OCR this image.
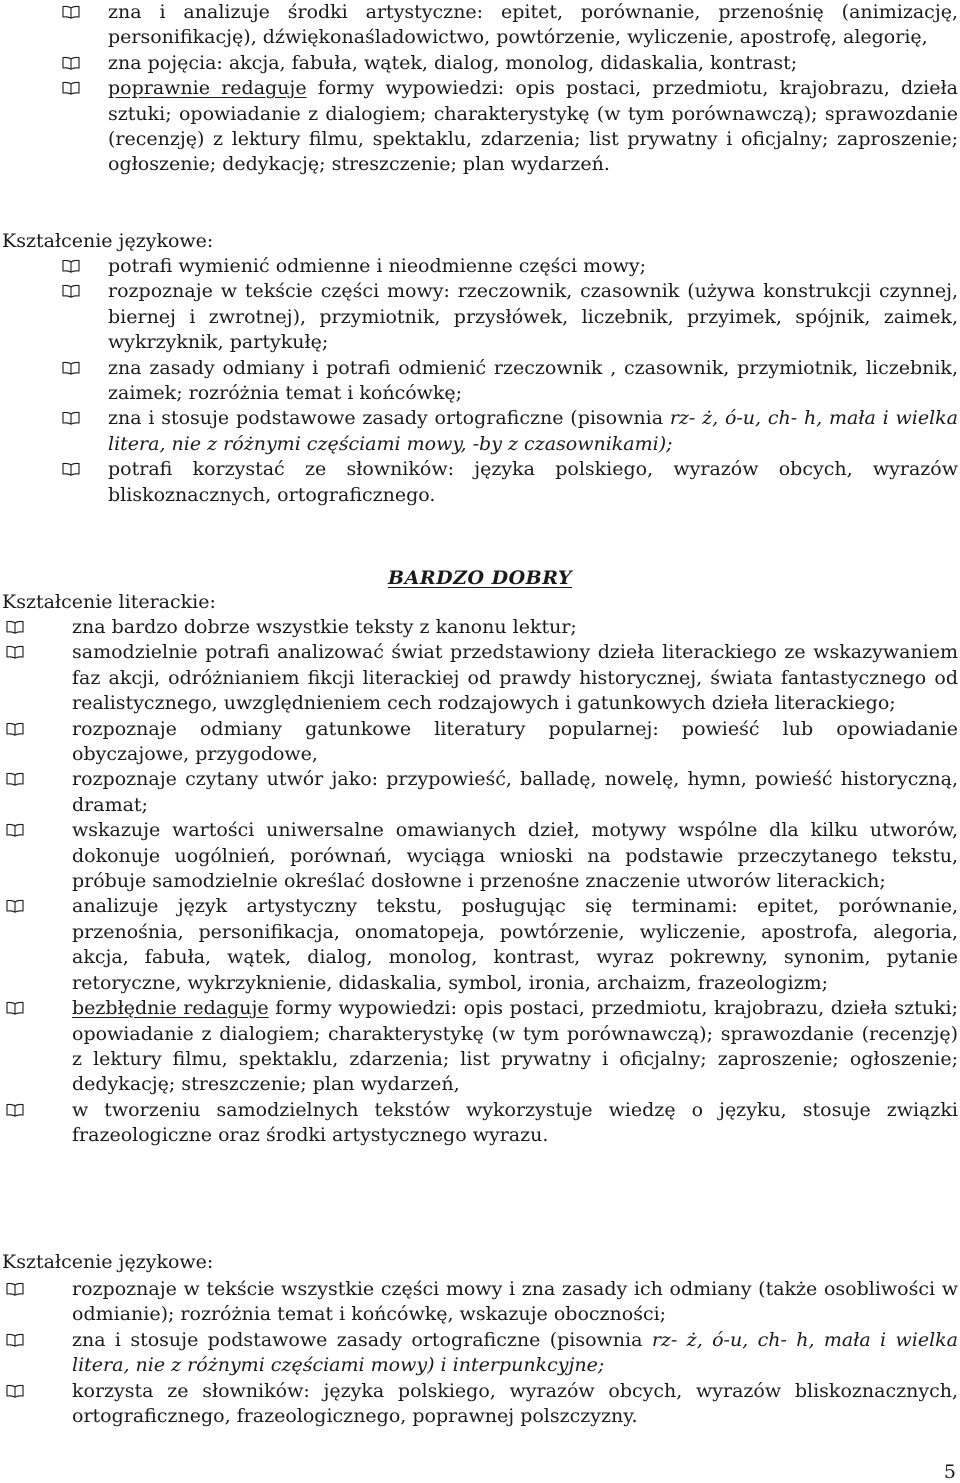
zna i analizuje środki artystyczne: epitet, porównanie, przenośnię (animizację, personifikację), dźwiękonaśladowictwo, powtórzenie, wyliczenie, apostrofę, alegorię,
zna pojęcia: akcja, fabuła, wątek, dialog, monolog, didaskalia, kontrast;
poprawnie redaguje formy wypowiedzi: opis postaci, przedmiotu, krajobrazu, dzieła sztuki; opowiadanie z dialogiem; charakterystykę (w tym porównawczą); sprawozdanie (recenzję) z lektury filmu, spektaklu, zdarzenia; list prywatny i oficjalny; zaproszenie; ogłoszenie; dedykację; streszczenie; plan wydarzeń.
Kształcenie językowe:
potrafi wymienić odmienne i nieodmienne części mowy;
rozpoznaje w tekście części mowy: rzeczownik, czasownik (używa konstrukcji czynnej, biernej i zwrotnej), przymiotnik, przysłówek, liczebnik, przyimek, spójnik, zaimek, wykrzyknik, partykułę;
zna zasady odmiany i potrafi odmienić rzeczownik , czasownik, przymiotnik, liczebnik, zaimek; rozróżnia temat i końcówkę;
zna i stosuje podstawowe zasady ortograficzne (pisownia rz- ż, ó-u, ch- h, mała i wielka litera, nie z różnymi częściami mowy, -by z czasownikami);
potrafi korzystać ze słowników: języka polskiego, wyrazów obcych, wyrazów bliskoznacznych, ortograficznego.
BARDZO DOBRY
Kształcenie literackie:
zna bardzo dobrze wszystkie teksty z kanonu lektur;
samodzielnie potrafi analizować świat przedstawiony dzieła literackiego ze wskazywaniem faz akcji, odróżnianiem fikcji literackiej od prawdy historycznej, świata fantastycznego od realistycznego, uwzględnieniem cech rodzajowych i gatunkowych dzieła literackiego;
rozpoznaje odmiany gatunkowe literatury popularnej: powieść lub opowiadanie obyczajowe, przygodowe,
rozpoznaje czytany utwór jako: przypowieść, balladę, nowelę, hymn, powieść historyczną, dramat;
wskazuje wartości uniwersalne omawianych dzieł, motywy wspólne dla kilku utworów, dokonuje uogólnień, porównań, wyciąga wnioski na podstawie przeczytanego tekstu, próbuje samodzielnie określać dosłowne i przenośne znaczenie utworów literackich;
analizuje język artystyczny tekstu, posługując się terminami: epitet, porównanie, przenośnia, personifikacja, onomatopeja, powtórzenie, wyliczenie, apostrofa, alegoria, akcja, fabuła, wątek, dialog, monolog, kontrast, wyraz pokrewny, synonim, pytanie retoryczne, wykrzyknienie, didaskalia, symbol, ironia, archaizm, frazeologizm;
bezbłędnie redaguje formy wypowiedzi: opis postaci, przedmiotu, krajobrazu, dzieła sztuki; opowiadanie z dialogiem; charakterystykę (w tym porównawczą); sprawozdanie (recenzję) z lektury filmu, spektaklu, zdarzenia; list prywatny i oficjalny; zaproszenie; ogłoszenie; dedykację; streszczenie; plan wydarzeń,
w tworzeniu samodzielnych tekstów wykorzystuje wiedzę o języku, stosuje związki frazeologiczne oraz środki artystycznego wyrazu.
Kształcenie językowe:
rozpoznaje w tekście wszystkie części mowy i zna zasady ich odmiany (także osobliwości w odmianie); rozróżnia temat i końcówkę, wskazuje oboczności;
zna i stosuje podstawowe zasady ortograficzne (pisownia rz- ż, ó-u, ch- h, mała i wielka litera, nie z różnymi częściami mowy) i interpunkcyjne;
korzysta ze słowników: języka polskiego, wyrazów obcych, wyrazów bliskoznacznych, ortograficznego, frazeologicznego, poprawnej polszczyzny.
5
